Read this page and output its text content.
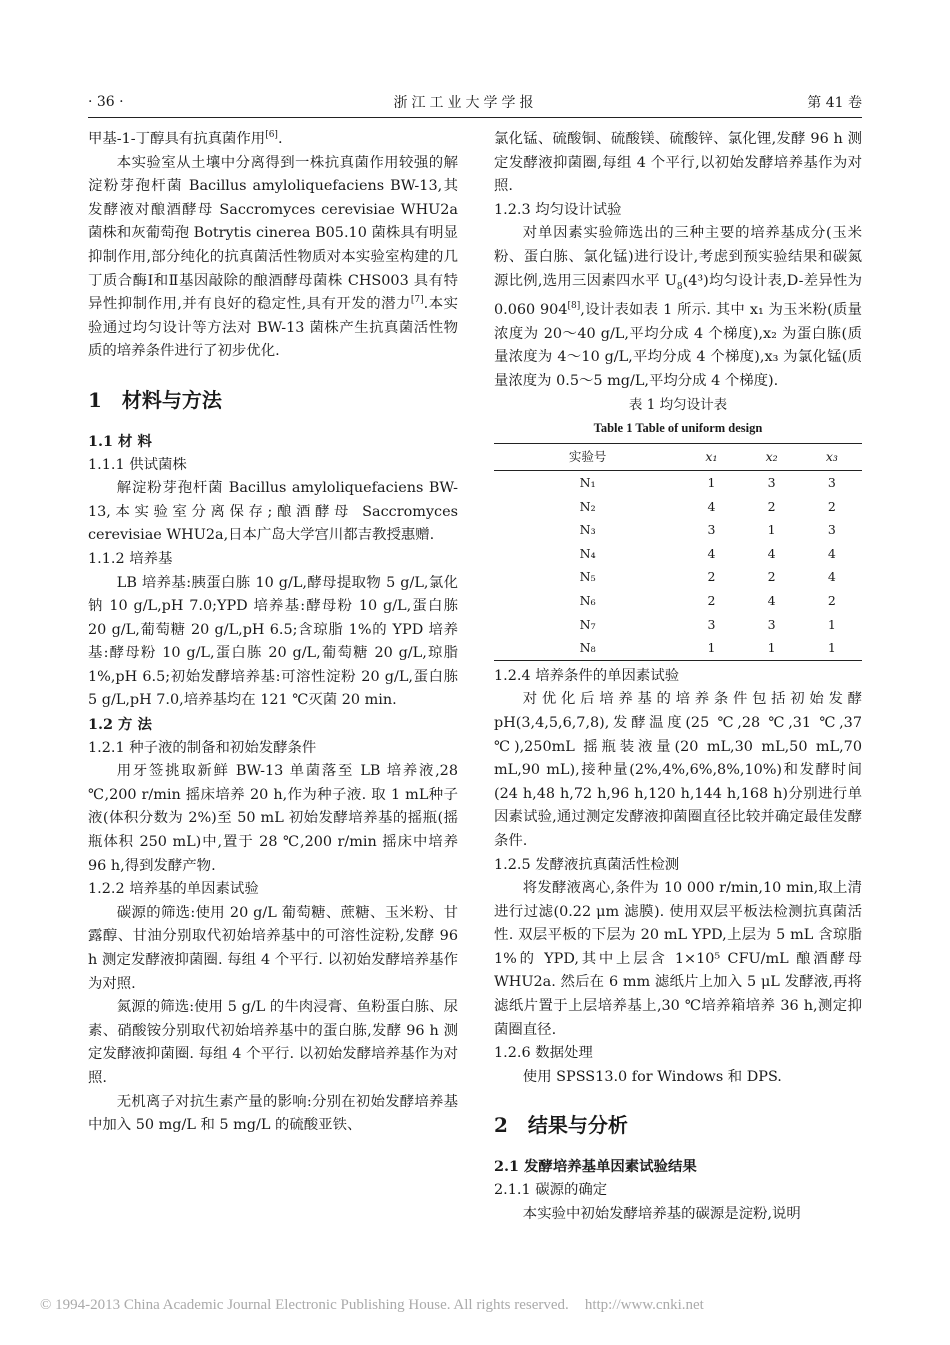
· 36 ·	浙江工业大学学报	第 41 卷

甲基-1-丁醇具有抗真菌作用[6].

本实验室从土壤中分离得到一株抗真菌作用较强的解淀粉芽孢杆菌 Bacillus amyloliquefaciens BW-13,其发酵液对酿酒酵母 Saccromyces cerevisiae WHU2a 菌株和灰葡萄孢 Botrytis cinerea B05.10 菌株具有明显抑制作用,部分纯化的抗真菌活性物质对本实验室构建的几丁质合酶Ⅰ和Ⅱ基因敲除的酿酒酵母菌株 CHS003 具有特异性抑制作用,并有良好的稳定性,具有开发的潜力[7].本实验通过均匀设计等方法对 BW-13 菌株产生抗真菌活性物质的培养条件进行了初步优化.

1 材料与方法

1.1 材 料

1.1.1 供试菌株

解淀粉芽孢杆菌 Bacillus amyloliquefaciens BW-13,本实验室分离保存;酿酒酵母 Saccromyces cerevisiae WHU2a,日本广岛大学宫川都吉教授惠赠.

1.1.2 培养基

LB 培养基:胰蛋白胨 10 g/L,酵母提取物 5 g/L,氯化钠 10 g/L,pH 7.0;YPD 培养基:酵母粉 10 g/L,蛋白胨 20 g/L,葡萄糖 20 g/L,pH 6.5;含琼脂 1%的 YPD 培养基:酵母粉 10 g/L,蛋白胨 20 g/L,葡萄糖 20 g/L,琼脂 1%,pH 6.5;初始发酵培养基:可溶性淀粉 20 g/L,蛋白胨 5 g/L,pH 7.0,培养基均在 121 ℃灭菌 20 min.

1.2 方 法

1.2.1 种子液的制备和初始发酵条件

用牙签挑取新鲜 BW-13 单菌落至 LB 培养液,28 ℃,200 r/min 摇床培养 20 h,作为种子液. 取 1 mL种子液(体积分数为 2%)至 50 mL 初始发酵培养基的摇瓶(摇瓶体积 250 mL)中,置于 28 ℃,200 r/min 摇床中培养 96 h,得到发酵产物.

1.2.2 培养基的单因素试验

碳源的筛选:使用 20 g/L 葡萄糖、蔗糖、玉米粉、甘露醇、甘油分别取代初始培养基中的可溶性淀粉,发酵 96 h 测定发酵液抑菌圈. 每组 4 个平行. 以初始发酵培养基作为对照.

氮源的筛选:使用 5 g/L 的牛肉浸膏、鱼粉蛋白胨、尿素、硝酸铵分别取代初始培养基中的蛋白胨,发酵 96 h 测定发酵液抑菌圈. 每组 4 个平行. 以初始发酵培养基作为对照.

无机离子对抗生素产量的影响:分别在初始发酵培养基中加入 50 mg/L 和 5 mg/L 的硫酸亚铁、

氯化锰、硫酸铜、硫酸镁、硫酸锌、氯化锂,发酵 96 h 测定发酵液抑菌圈,每组 4 个平行,以初始发酵培养基作为对照.

1.2.3 均匀设计试验

对单因素实验筛选出的三种主要的培养基成分(玉米粉、蛋白胨、氯化锰)进行设计,考虑到预实验结果和碳氮源比例,选用三因素四水平 $U_8(4^3)$均匀设计表,D-差异性为 0.060 904[8],设计表如表 1 所示. 其中 x₁ 为玉米粉(质量浓度为 20～40 g/L,平均分成 4 个梯度),x₂ 为蛋白胨(质量浓度为 4～10 g/L,平均分成 4 个梯度),x₃ 为氯化锰(质量浓度为 0.5～5 mg/L,平均分成 4 个梯度).

表 1 均匀设计表
Table 1 Table of uniform design
实验号	x₁	x₂	x₃
N₁	1	3	3
N₂	4	2	2
N₃	3	1	3
N₄	4	4	4
N₅	2	2	4
N₆	2	4	2
N₇	3	3	1
N₈	1	1	1

1.2.4 培养条件的单因素试验

对优化后培养基的培养条件包括初始发酵 pH(3,4,5,6,7,8),发酵温度(25 ℃,28 ℃,31 ℃,37 ℃),250mL 摇瓶装液量(20 mL,30 mL,50 mL,70 mL,90 mL),接种量(2%,4%,6%,8%,10%)和发酵时间(24 h,48 h,72 h,96 h,120 h,144 h,168 h)分别进行单因素试验,通过测定发酵液抑菌圈直径比较并确定最佳发酵条件.

1.2.5 发酵液抗真菌活性检测

将发酵液离心,条件为 10 000 r/min,10 min,取上清进行过滤(0.22 μm 滤膜). 使用双层平板法检测抗真菌活性. 双层平板的下层为 20 mL YPD,上层为 5 mL 含琼脂 1%的 YPD,其中上层含 1×10⁵ CFU/mL 酿酒酵母 WHU2a. 然后在 6 mm 滤纸片上加入 5 μL 发酵液,再将滤纸片置于上层培养基上,30 ℃培养箱培养 36 h,测定抑菌圈直径.

1.2.6 数据处理

使用 SPSS13.0 for Windows 和 DPS.

2 结果与分析

2.1 发酵培养基单因素试验结果

2.1.1 碳源的确定

本实验中初始发酵培养基的碳源是淀粉,说明

© 1994-2013 China Academic Journal Electronic Publishing House. All rights reserved. http://www.cnki.net
